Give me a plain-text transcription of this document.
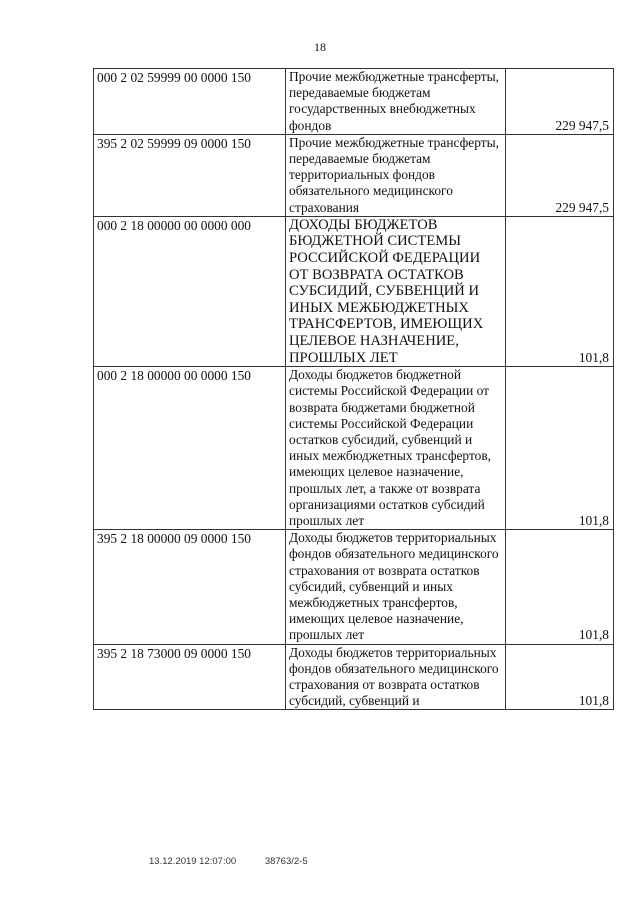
18
000 2 02 59999 00 0000 150	Прочие межбюджетные трансферты, передаваемые бюджетам государственных внебюджетных фондов	229 947,5
395 2 02 59999 09 0000 150	Прочие межбюджетные трансферты, передаваемые бюджетам территориальных фондов обязательного медицинского страхования	229 947,5
000 2 18 00000 00 0000 000	ДОХОДЫ БЮДЖЕТОВ БЮДЖЕТНОЙ СИСТЕМЫ РОССИЙСКОЙ ФЕДЕРАЦИИ ОТ ВОЗВРАТА ОСТАТКОВ СУБСИДИЙ, СУБВЕНЦИЙ И ИНЫХ МЕЖБЮДЖЕТНЫХ ТРАНСФЕРТОВ, ИМЕЮЩИХ ЦЕЛЕВОЕ НАЗНАЧЕНИЕ, ПРОШЛЫХ ЛЕТ	101,8
000 2 18 00000 00 0000 150	Доходы бюджетов бюджетной системы Российской Федерации от возврата бюджетами бюджетной системы Российской Федерации остатков субсидий, субвенций и иных межбюджетных трансфертов, имеющих целевое назначение, прошлых лет, а также от возврата организациями остатков субсидий прошлых лет	101,8
395 2 18 00000 09 0000 150	Доходы бюджетов территориальных фондов обязательного медицинского страхования от возврата остатков субсидий, субвенций и иных межбюджетных трансфертов, имеющих целевое назначение, прошлых лет	101,8
395 2 18 73000 09 0000 150	Доходы бюджетов территориальных фондов обязательного медицинского страхования от возврата остатков субсидий, субвенций и	101,8
13.12.2019 12:07:00	38763/2-5
